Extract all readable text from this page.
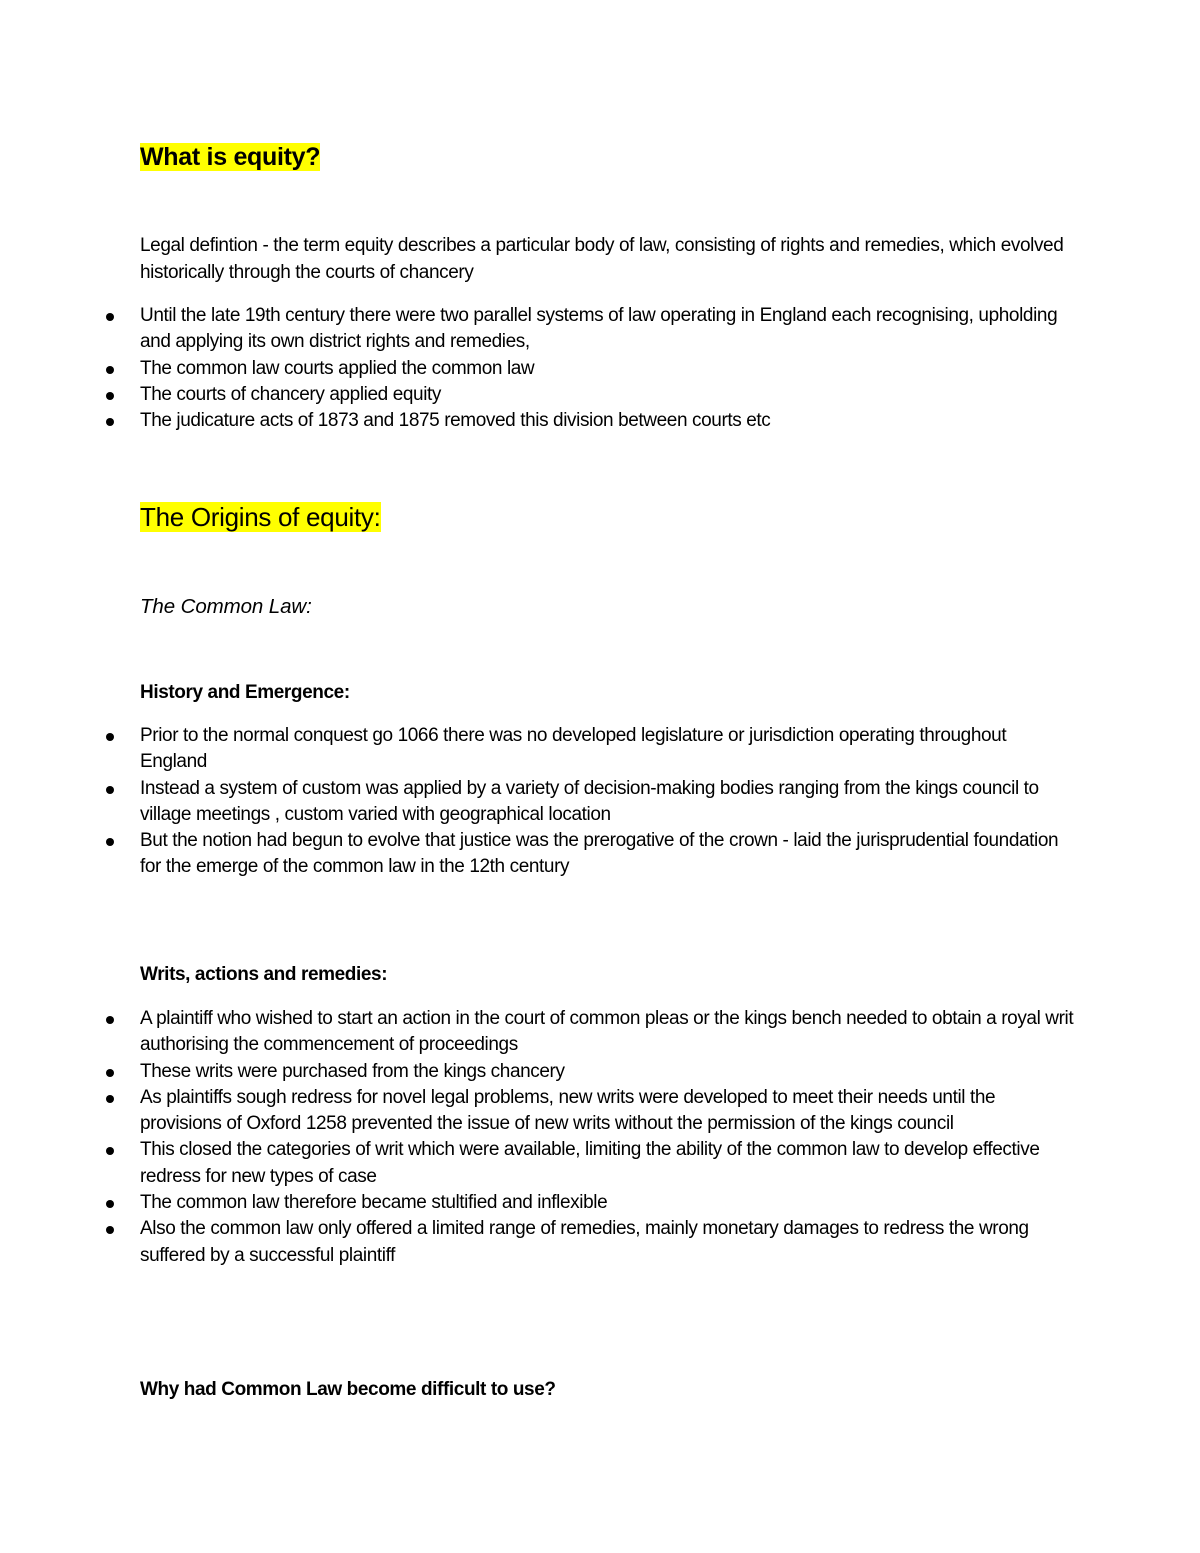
What is equity?

Legal defintion - the term equity describes a particular body of law, consisting of rights and remedies, which evolved historically through the courts of chancery

Until the late 19th century there were two parallel systems of law operating in England each recognising, upholding and applying its own district rights and remedies,
The common law courts applied the common law
The courts of chancery applied equity
The judicature acts of 1873 and 1875 removed this division between courts etc
The Origins of equity:
The Common Law:
History and Emergence:
Prior to the normal conquest go 1066 there was no developed legislature or jurisdiction operating throughout England
Instead a system of custom was applied by a variety of decision-making bodies ranging from the kings council to village meetings , custom varied with geographical location
But the notion had begun to evolve that justice was the prerogative of the crown - laid the jurisprudential foundation for the emerge of the common law in the 12th century
Writs, actions and remedies:
A plaintiff who wished to start an action in the court of common pleas or the kings bench needed to obtain a royal writ authorising the commencement of proceedings
These writs were purchased from the kings chancery
As plaintiffs sough redress for novel legal problems, new writs were developed to meet their needs until the provisions of Oxford 1258 prevented the issue of new writs without the permission of the kings council
This closed the categories of writ which were available, limiting the ability of the common law to develop effective redress for new types of case
The common law therefore became stultified and inflexible
Also the common law only offered a limited range of remedies, mainly monetary damages to redress the wrong suffered by a successful plaintiff
Why had Common Law become difficult to use?
